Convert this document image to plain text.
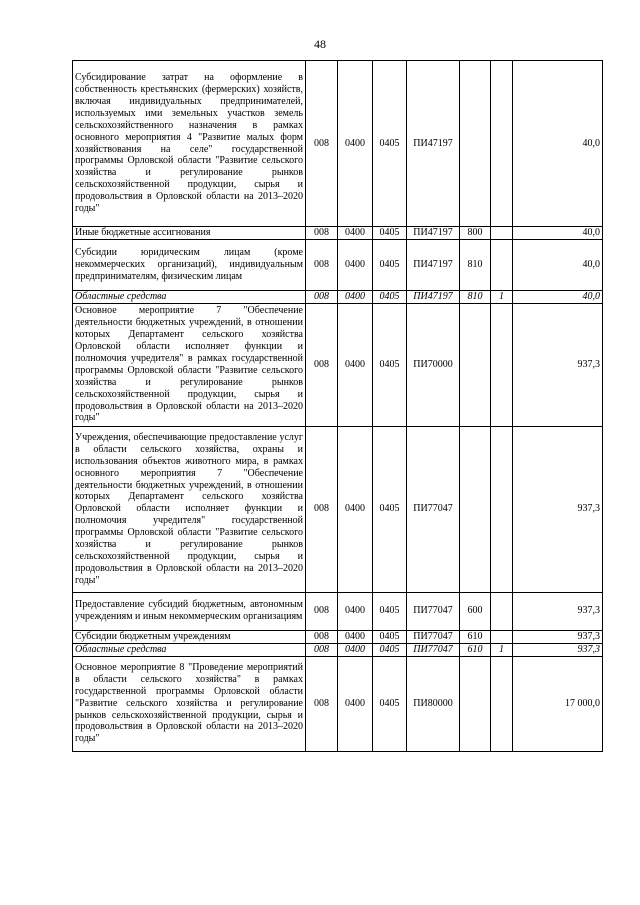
48
Субсидирование затрат на оформление в собственность крестьянских (фермерских) хозяйств, включая индивидуальных предпринимателей, используемых ими земельных участков земель сельскохозяйственного назначения в рамках основного мероприятия 4 "Развитие малых форм хозяйствования на селе" государственной программы Орловской области "Развитие сельского хозяйства и регулирование рынков сельскохозяйственной продукции, сырья и продовольствия в Орловской области на 2013–2020 годы"	008	0400	0405	ПИ47197			40,0
Иные бюджетные ассигнования	008	0400	0405	ПИ47197	800		40,0
Субсидии юридическим лицам (кроме некоммерческих организаций), индивидуальным предпринимателям, физическим лицам	008	0400	0405	ПИ47197	810		40,0
Областные средства	008	0400	0405	ПИ47197	810	1	40,0
Основное мероприятие 7 "Обеспечение деятельности бюджетных учреждений, в отношении которых Департамент сельского хозяйства Орловской области исполняет функции и полномочия учредителя" в рамках государственной программы Орловской области "Развитие сельского хозяйства и регулирование рынков сельскохозяйственной продукции, сырья и продовольствия в Орловской области на 2013–2020 годы"	008	0400	0405	ПИ70000			937,3
Учреждения, обеспечивающие предоставление услуг в области сельского хозяйства, охраны и использования объектов животного мира, в рамках основного мероприятия 7 "Обеспечение деятельности бюджетных учреждений, в отношении которых Департамент сельского хозяйства Орловской области исполняет функции и полномочия учредителя" государственной программы Орловской области "Развитие сельского хозяйства и регулирование рынков сельскохозяйственной продукции, сырья и продовольствия в Орловской области на 2013–2020 годы"	008	0400	0405	ПИ77047			937,3
Предоставление субсидий бюджетным, автономным учреждениям и иным некоммерческим организациям	008	0400	0405	ПИ77047	600		937,3
Субсидии бюджетным учреждениям	008	0400	0405	ПИ77047	610		937,3
Областные средства	008	0400	0405	ПИ77047	610	1	937,3
Основное мероприятие 8 "Проведение мероприятий в области сельского хозяйства" в рамках государственной программы Орловской области "Развитие сельского хозяйства и регулирование рынков сельскохозяйственной продукции, сырья и продовольствия в Орловской области на 2013–2020 годы"	008	0400	0405	ПИ80000			17 000,0
